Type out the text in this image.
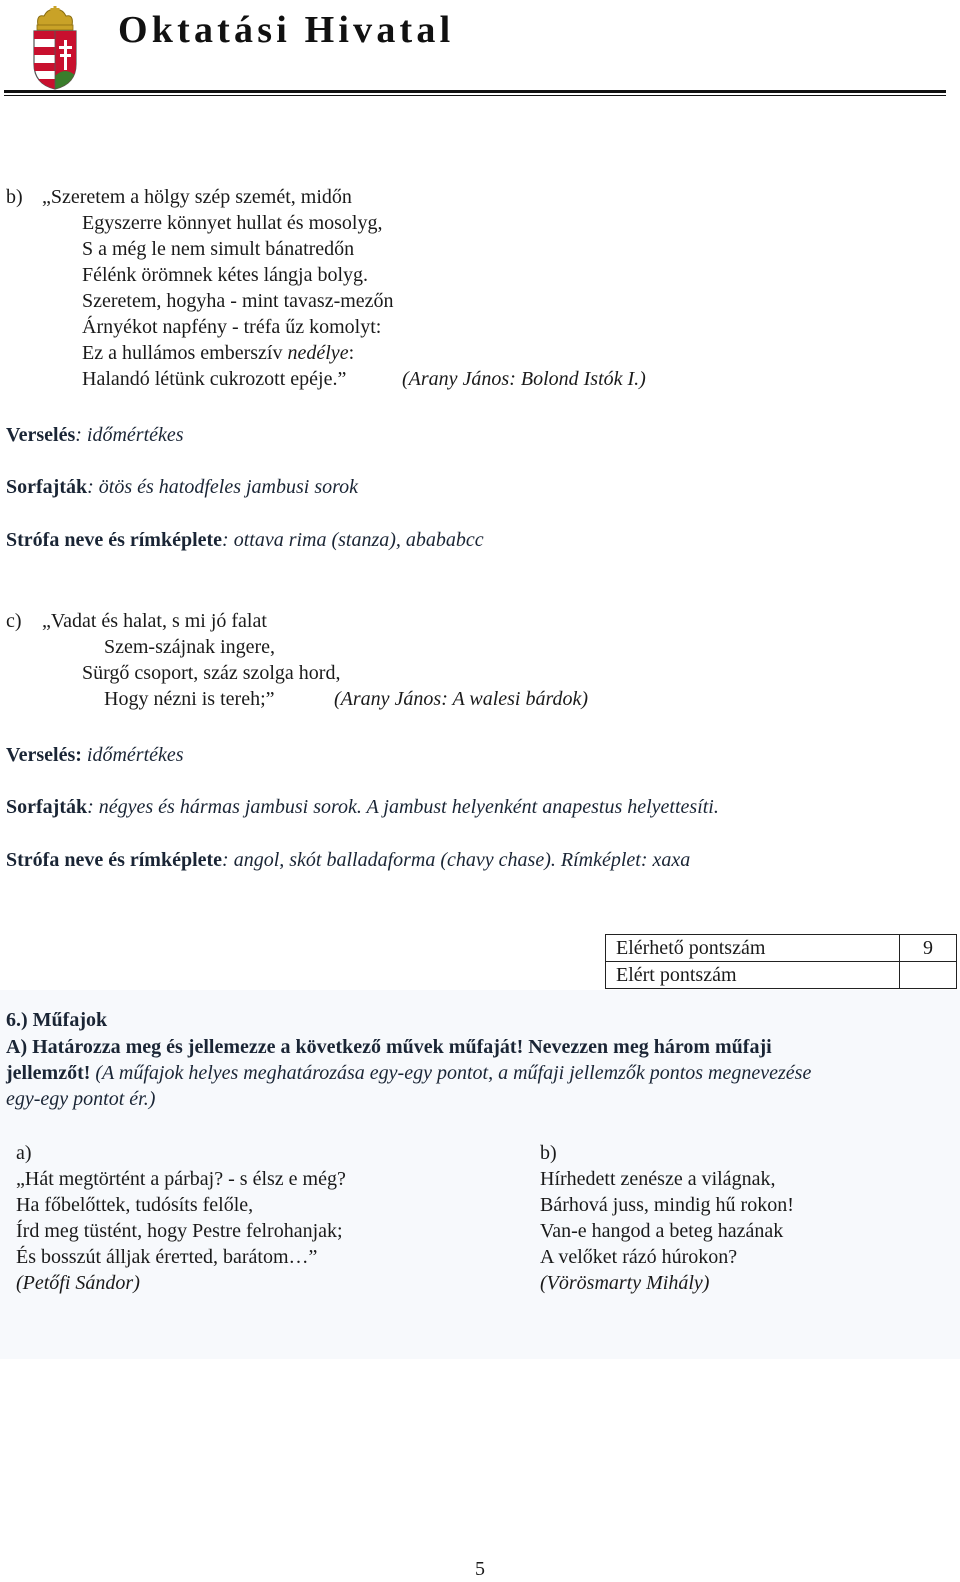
Oktatási Hivatal
b) „Szeretem a hölgy szép szemét, midőn
Egyszerre könnyet hullat és mosolyg,
S a még le nem simult bánatredőn
Félénk örömnek kétes lángja bolyg.
Szeretem, hogyha - mint tavasz-mezőn
Árnyékot napfény - tréfa űz komolyt:
Ez a hullámos emberszív nedélye:
Halandó létünk cukrozott epéje.”	(Arany János: Bolond Istók I.)
Verselés: időmértékes
Sorfajták: ötös és hatodfeles jambusi sorok
Strófa neve és rímképlete: ottava rima (stanza), abababcc
c) „Vadat és halat, s mi jó falat
Szem-szájnak ingere,
Sürgő csoport, száz szolga hord,
Hogy nézni is tereh;”	(Arany János: A walesi bárdok)
Verselés: időmértékes
Sorfajták: négyes és hármas jambusi sorok. A jambust helyenként anapestus helyettesíti.
Strófa neve és rímképlete: angol, skót balladaforma (chavy chase). Rímképlet: xaxa
Elérhető pontszám	9
Elért pontszám	
6.) Műfajok
A) Határozza meg és jellemezze a következő művek műfaját! Nevezzen meg három műfaji
jellemzőt! (A műfajok helyes meghatározása egy-egy pontot, a műfaji jellemzők pontos megnevezése
egy-egy pontot ér.)
a)
„Hát megtörtént a párbaj? - s élsz e még?
Ha főbelőttek, tudósíts felőle,
Írd meg tüstént, hogy Pestre felrohanjak;
És bosszút álljak érетted, barátom…”
(Petőfi Sándor)
b)
Hírhedett zenésze a világnak,
Bárhová juss, mindig hű rokon!
Van-e hangod a beteg hazának
A velőket rázó húrokon?
(Vörösmarty Mihály)
5
